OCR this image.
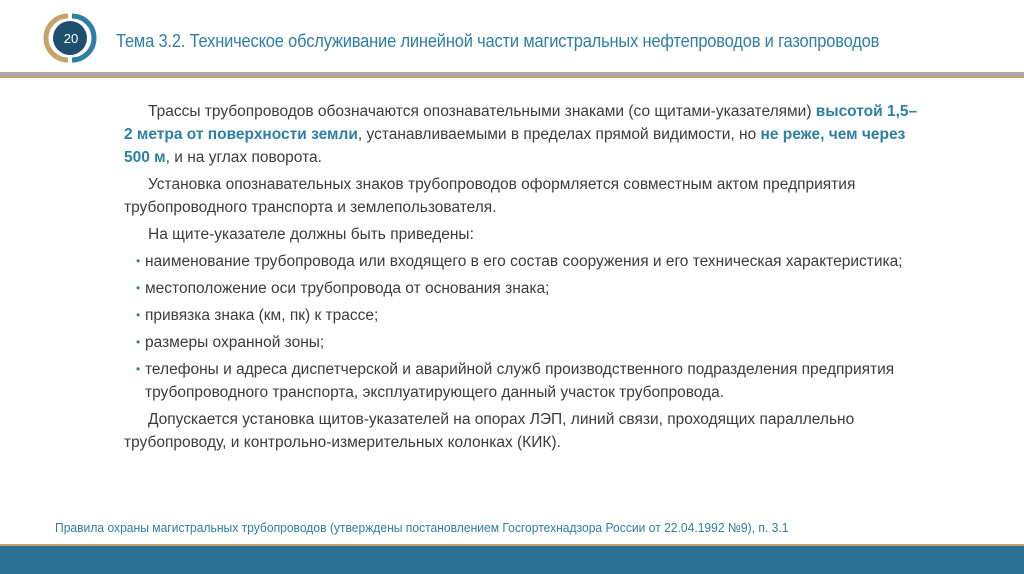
20	Тема 3.2. Техническое обслуживание линейной части магистральных нефтепроводов и газопроводов

Трассы трубопроводов обозначаются опознавательными знаками (со щитами-указателями) высотой 1,5–2 метра от поверхности земли, устанавливаемыми в пределах прямой видимости, но не реже, чем через 500 м, и на углах поворота.

Установка опознавательных знаков трубопроводов оформляется совместным актом предприятия трубопроводного транспорта и землепользователя.

На щите-указателе должны быть приведены:

• наименование трубопровода или входящего в его состав сооружения и его техническая характеристика;
• местоположение оси трубопровода от основания знака;
• привязка знака (км, пк) к трассе;
• размеры охранной зоны;
• телефоны и адреса диспетчерской и аварийной служб производственного подразделения предприятия трубопроводного транспорта, эксплуатирующего данный участок трубопровода.

Допускается установка щитов-указателей на опорах ЛЭП, линий связи, проходящих параллельно трубопроводу, и контрольно-измерительных колонках (КИК).

Правила охраны магистральных трубопроводов (утверждены постановлением Госгортехнадзора России от 22.04.1992 №9), п. 3.1
